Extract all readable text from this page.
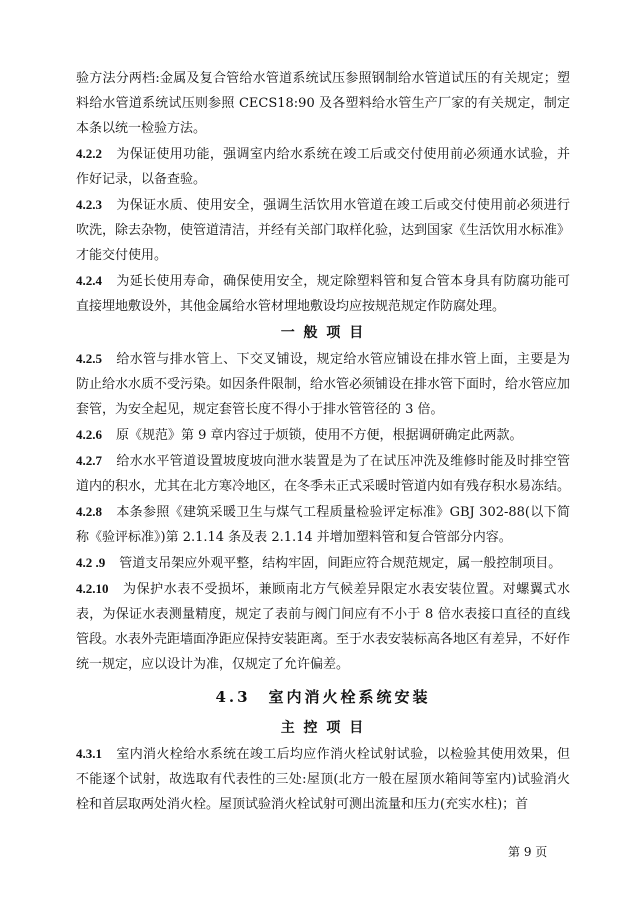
验方法分两档:金属及复合管给水管道系统试压参照钢制给水管道试压的有关规定；塑料给水管道系统试压则参照 CECS18:90 及各塑料给水管生产厂家的有关规定，制定本条以统一检验方法。

4.2.2 为保证使用功能，强调室内给水系统在竣工后或交付使用前必须通水试验，并作好记录，以备查验。

4.2.3 为保证水质、使用安全，强调生活饮用水管道在竣工后或交付使用前必须进行吹洗，除去杂物，使管道清洁，并经有关部门取样化验，达到国家《生活饮用水标准》才能交付使用。

4.2.4 为延长使用寿命，确保使用安全，规定除塑料管和复合管本身具有防腐功能可直接埋地敷设外，其他金属给水管材埋地敷设均应按规范规定作防腐处理。

一 般 项 目

4.2.5 给水管与排水管上、下交叉铺设，规定给水管应铺设在排水管上面，主要是为防止给水水质不受污染。如因条件限制，给水管必须铺设在排水管下面时，给水管应加套管，为安全起见，规定套管长度不得小于排水管管径的 3 倍。

4.2.6 原《规范》第 9 章内容过于烦锁，使用不方便，根据调研确定此两款。

4.2.7 给水水平管道设置坡度坡向泄水装置是为了在试压冲洗及维修时能及时排空管道内的积水，尤其在北方寒冷地区，在冬季未正式采暖时管道内如有残存积水易冻结。

4.2.8 本条参照《建筑采暖卫生与煤气工程质量检验评定标准》GBJ 302-88(以下简称《验评标准》)第 2.1.14 条及表 2.1.14 并增加塑料管和复合管部分内容。

4.2 .9 管道支吊架应外观平整，结构牢固，间距应符合规范规定，属一般控制项目。

4.2.10 为保护水表不受损坏，兼顾南北方气候差异限定水表安装位置。对螺翼式水表，为保证水表测量精度，规定了表前与阀门间应有不小于 8 倍水表接口直径的直线管段。水表外壳距墙面净距应保持安装距离。至于水表安装标高各地区有差异，不好作统一规定，应以设计为准，仅规定了允许偏差。

4.3　室内消火栓系统安装
主 控 项 目

4.3.1 室内消火栓给水系统在竣工后均应作消火栓试射试验，以检验其使用效果，但不能逐个试射，故选取有代表性的三处:屋顶(北方一般在屋顶水箱间等室内)试验消火栓和首层取两处消火栓。屋顶试验消火栓试射可测出流量和压力(充实水柱)；首

第 9 页
